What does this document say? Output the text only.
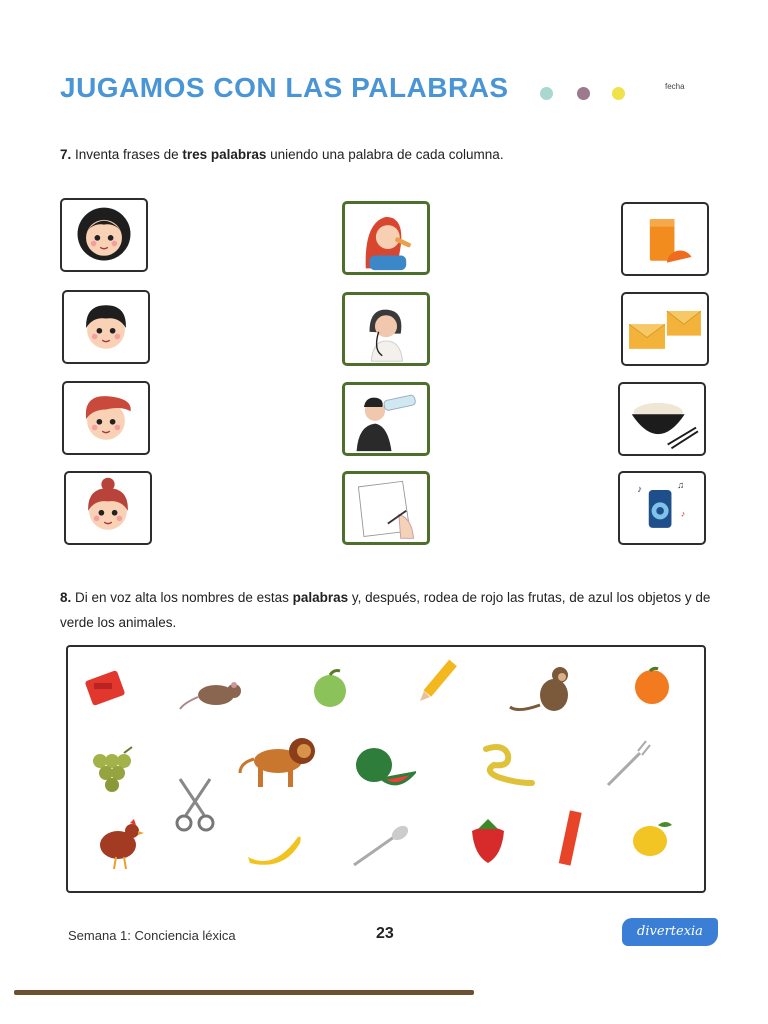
JUGAMOS CON LAS PALABRAS	fecha
7. Inventa frases de tres palabras uniendo una palabra de cada columna.
♪	♫
♪
8. Di en voz alta los nombres de estas palabras y, después, rodea de rojo las frutas, de azul los objetos y de verde los animales.
Semana 1: Conciencia léxica	23	divertexia
